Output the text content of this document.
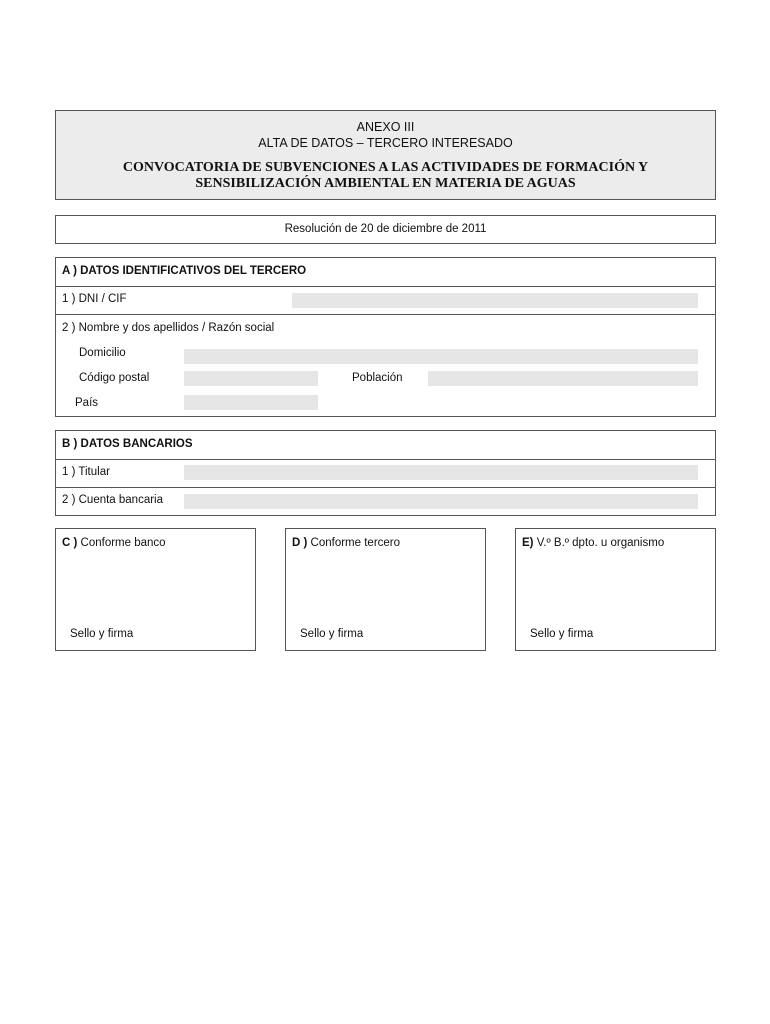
ANEXO III
ALTA DE DATOS – TERCERO INTERESADO
CONVOCATORIA DE SUBVENCIONES A LAS ACTIVIDADES DE FORMACIÓN Y
SENSIBILIZACIÓN AMBIENTAL EN MATERIA DE AGUAS
Resolución de 20 de diciembre de 2011
A ) DATOS IDENTIFICATIVOS DEL TERCERO
1 ) DNI / CIF
2 ) Nombre y dos apellidos / Razón social
Domicilio
Código postal	Población
País
B ) DATOS BANCARIOS
1 ) Titular
2 ) Cuenta bancaria
C ) Conforme banco
Sello y firma
D ) Conforme tercero
Sello y firma
E) V.º B.º dpto. u organismo
Sello y firma
